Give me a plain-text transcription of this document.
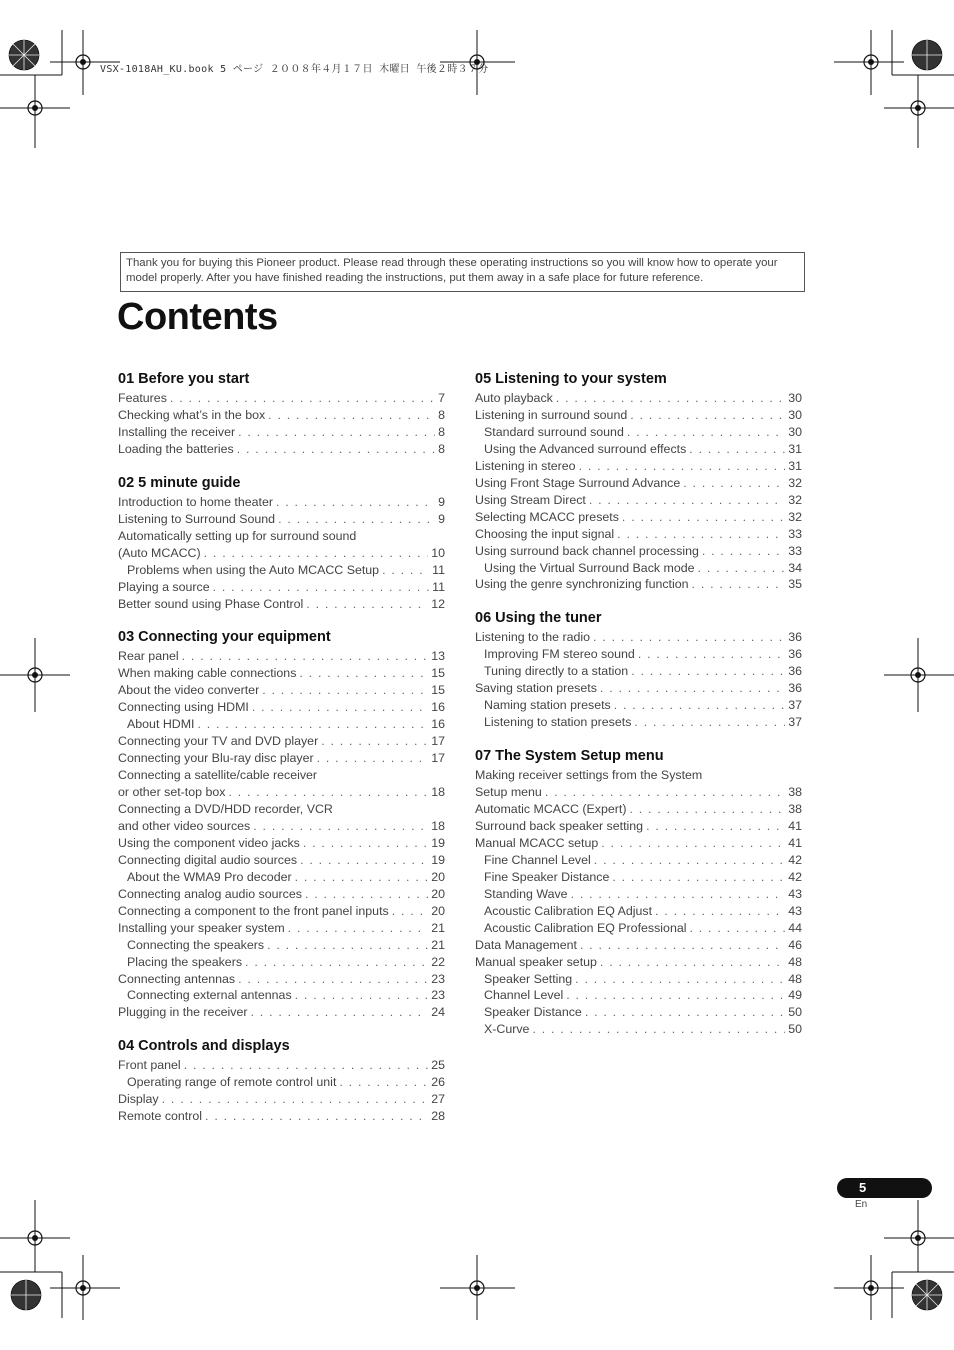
VSX-1018AH_KU.book 5 ページ ２００８年４月１７日 木曜日 午後２時３７分
Thank you for buying this Pioneer product. Please read through these operating instructions so you will know how to operate your model properly. After you have finished reading the instructions, put them away in a safe place for future reference.
Contents
01 Before you start
Features . . .	7
Checking what’s in the box . . .	8
Installing the receiver . . .	8
Loading the batteries . . .	8
02 5 minute guide
Introduction to home theater . . .	9
Listening to Surround Sound . . .	9
Automatically setting up for surround sound
(Auto MCACC) . . .	10
Problems when using the Auto MCACC Setup . . .	11
Playing a source . . .	11
Better sound using Phase Control . . .	12
03 Connecting your equipment
Rear panel . . .	13
When making cable connections . . .	15
About the video converter . . .	15
Connecting using HDMI . . .	16
About HDMI . . .	16
Connecting your TV and DVD player . . .	17
Connecting your Blu-ray disc player . . .	17
Connecting a satellite/cable receiver
or other set-top box . . .	18
Connecting a DVD/HDD recorder, VCR
and other video sources . . .	18
Using the component video jacks . . .	19
Connecting digital audio sources . . .	19
About the WMA9 Pro decoder . . .	20
Connecting analog audio sources . . .	20
Connecting a component to the front panel inputs . . .	20
Installing your speaker system . . .	21
Connecting the speakers . . .	21
Placing the speakers . . .	22
Connecting antennas . . .	23
Connecting external antennas . . .	23
Plugging in the receiver . . .	24
04 Controls and displays
Front panel . . .	25
Operating range of remote control unit . . .	26
Display . . .	27
Remote control . . .	28
05 Listening to your system
Auto playback . . .	30
Listening in surround sound . . .	30
Standard surround sound . . .	30
Using the Advanced surround effects . . .	31
Listening in stereo . . .	31
Using Front Stage Surround Advance . . .	32
Using Stream Direct . . .	32
Selecting MCACC presets . . .	32
Choosing the input signal . . .	33
Using surround back channel processing . . .	33
Using the Virtual Surround Back mode . . .	34
Using the genre synchronizing function . . .	35
06 Using the tuner
Listening to the radio . . .	36
Improving FM stereo sound . . .	36
Tuning directly to a station . . .	36
Saving station presets . . .	36
Naming station presets . . .	37
Listening to station presets . . .	37
07 The System Setup menu
Making receiver settings from the System
Setup menu . . .	38
Automatic MCACC (Expert) . . .	38
Surround back speaker setting . . .	41
Manual MCACC setup . . .	41
Fine Channel Level . . .	42
Fine Speaker Distance . . .	42
Standing Wave . . .	43
Acoustic Calibration EQ Adjust . . .	43
Acoustic Calibration EQ Professional . . .	44
Data Management . . .	46
Manual speaker setup . . .	48
Speaker Setting . . .	48
Channel Level . . .	49
Speaker Distance . . .	50
X-Curve . . .	50
5
En
